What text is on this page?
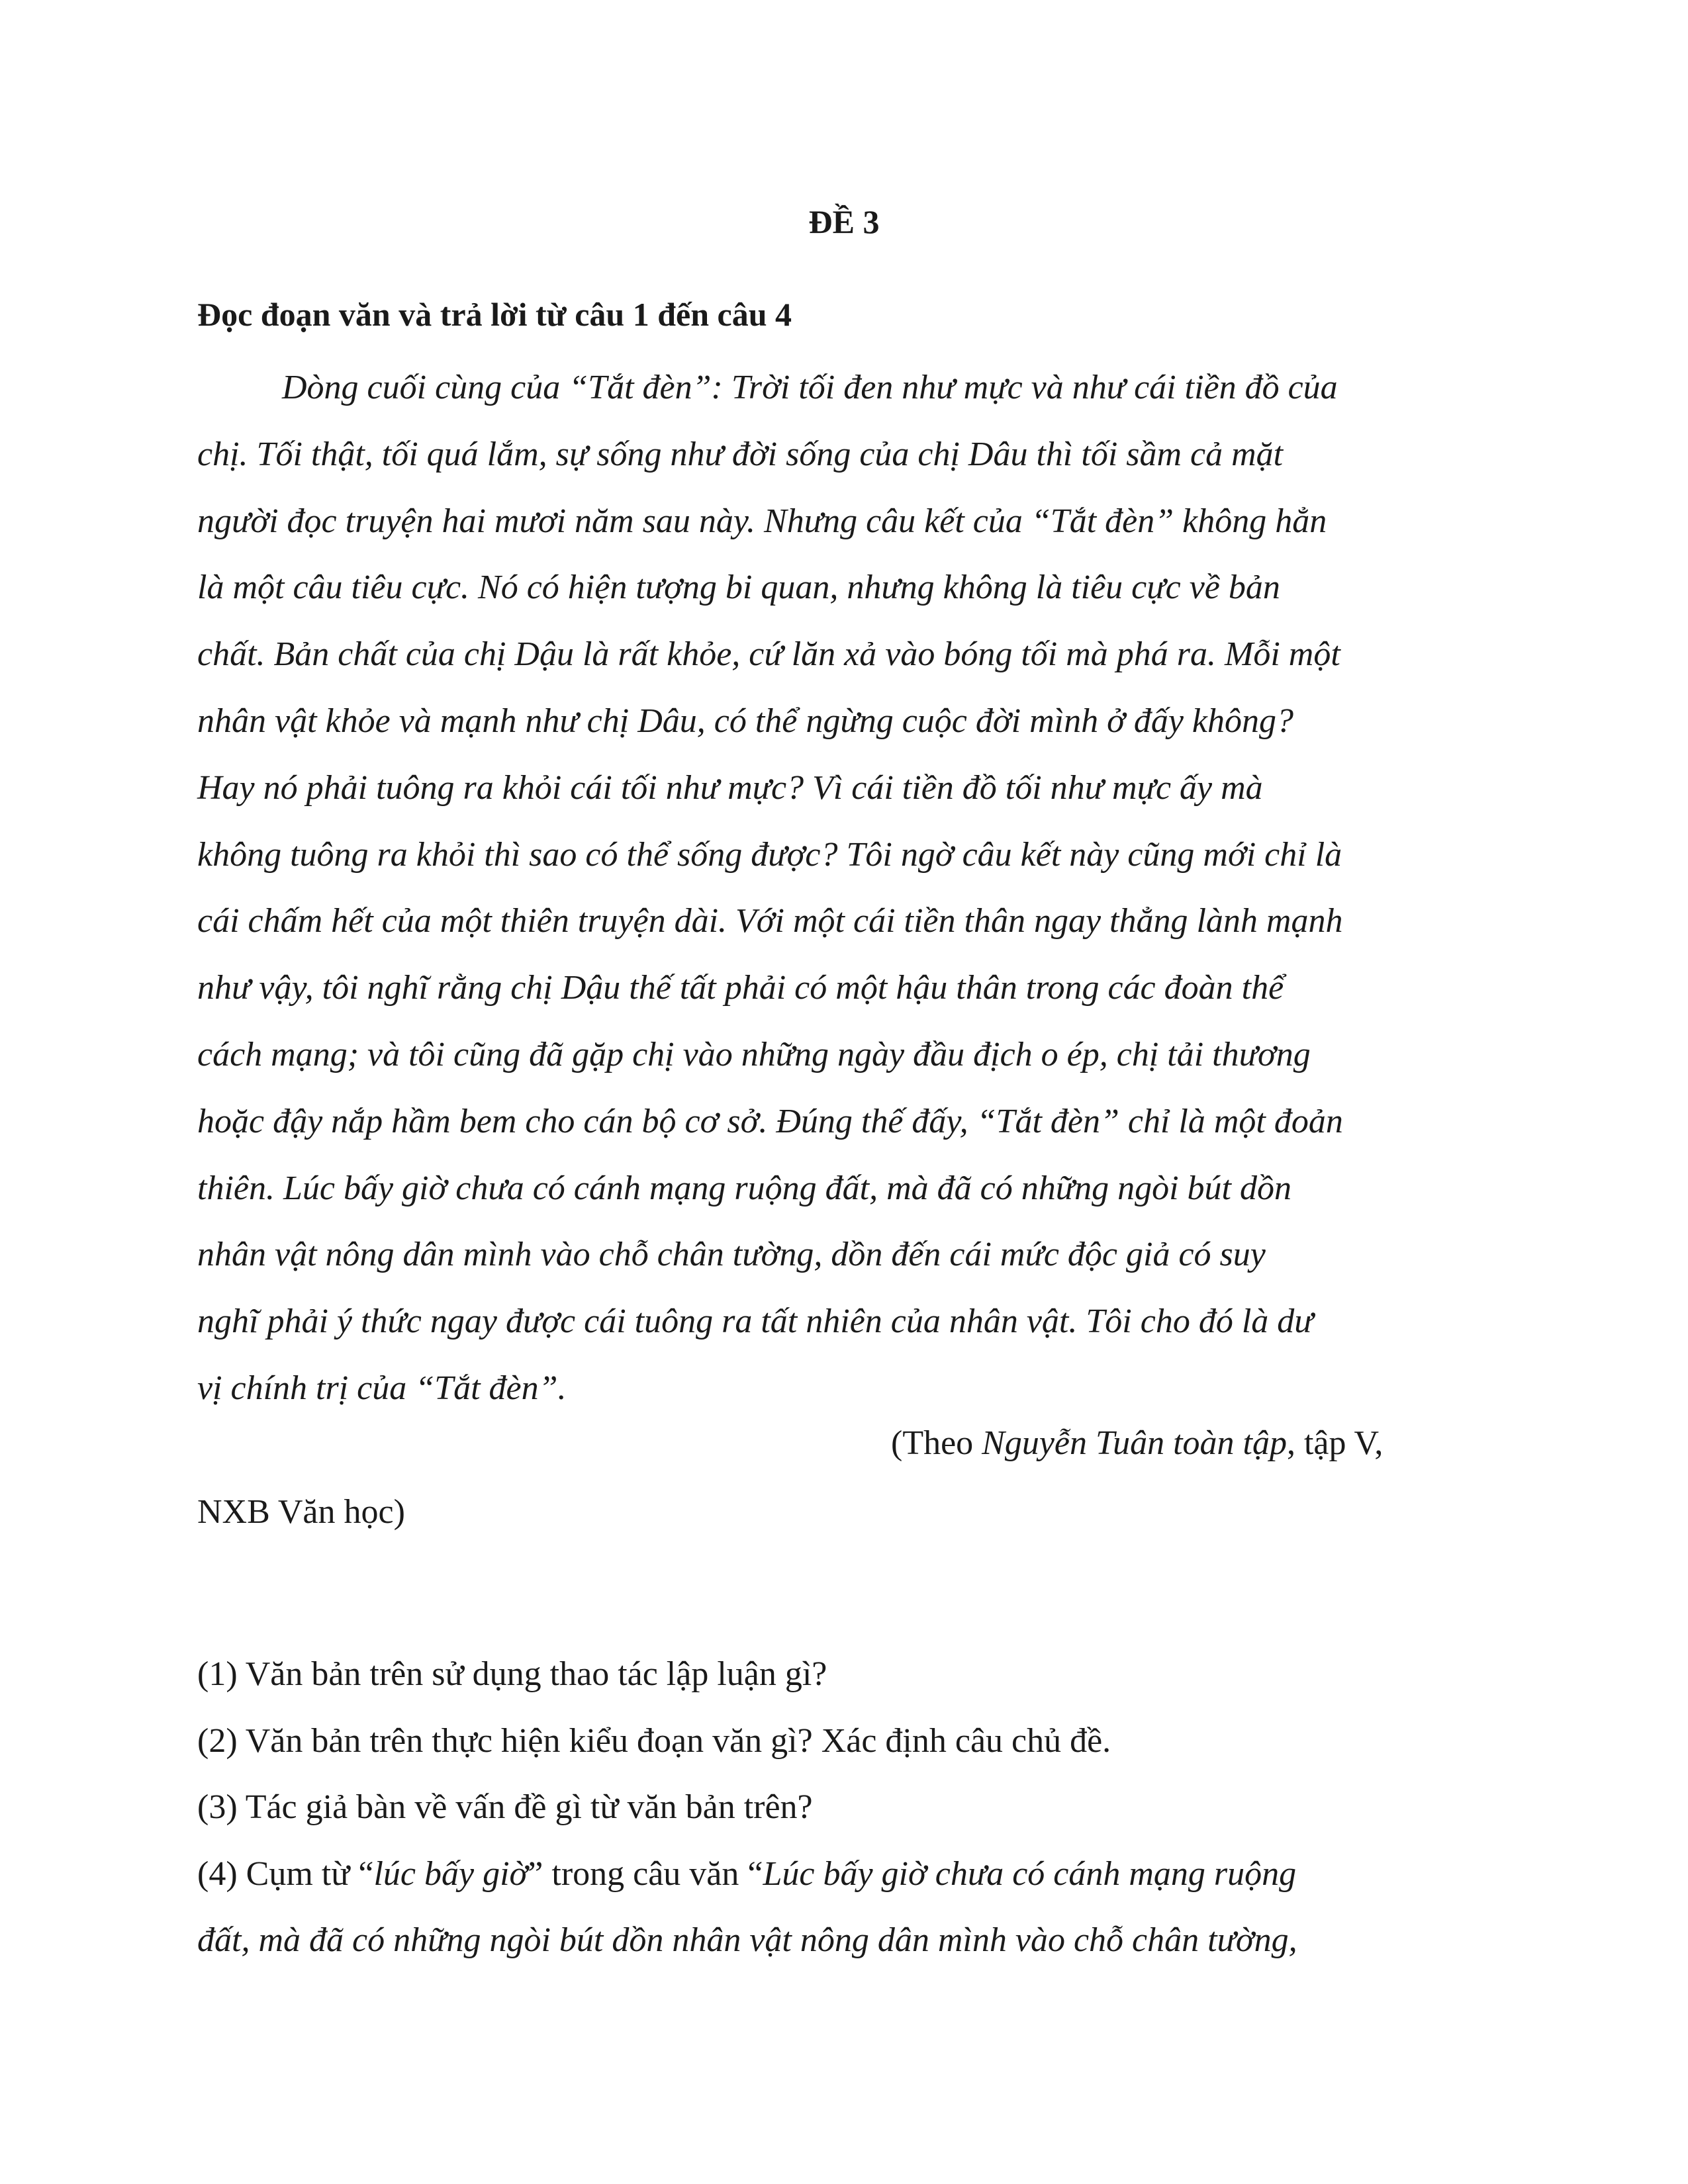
ĐỀ 3
Đọc đoạn văn và trả lời từ câu 1 đến câu 4
Dòng cuối cùng của “Tắt đèn”: Trời tối đen như mực và như cái tiền đồ của
chị. Tối thật, tối quá lắm, sự sống như đời sống của chị Dâu thì tối sầm cả mặt
người đọc truyện hai mươi năm sau này. Nhưng câu kết của “Tắt đèn” không hẳn
là một câu tiêu cực. Nó có hiện tượng bi quan, nhưng không là tiêu cực về bản
chất. Bản chất của chị Dậu là rất khỏe, cứ lăn xả vào bóng tối mà phá ra. Mỗi một
nhân vật khỏe và mạnh như chị Dâu, có thể ngừng cuộc đời mình ở đấy không?
Hay nó phải tuông ra khỏi cái tối như mực? Vì cái tiền đồ tối như mực ấy mà
không tuông ra khỏi thì sao có thể sống được? Tôi ngờ câu kết này cũng mới chỉ là
cái chấm hết của một thiên truyện dài. Với một cái tiền thân ngay thẳng lành mạnh
như vậy, tôi nghĩ rằng chị Dậu thế tất phải có một hậu thân trong các đoàn thể
cách mạng; và tôi cũng đã gặp chị vào những ngày đầu địch o ép, chị tải thương
hoặc đậy nắp hầm bem cho cán bộ cơ sở. Đúng thế đấy, “Tắt đèn” chỉ là một đoản
thiên. Lúc bấy giờ chưa có cánh mạng ruộng đất, mà đã có những ngòi bút dồn
nhân vật nông dân mình vào chỗ chân tường, dồn đến cái mức độc giả có suy
nghĩ phải ý thức ngay được cái tuông ra tất nhiên của nhân vật. Tôi cho đó là dư
vị chính trị của “Tắt đèn”.
(Theo Nguyễn Tuân toàn tập, tập V,
NXB Văn học)
(1) Văn bản trên sử dụng thao tác lập luận gì?
(2) Văn bản trên thực hiện kiểu đoạn văn gì? Xác định câu chủ đề.
(3) Tác giả bàn về vấn đề gì từ văn bản trên?
(4) Cụm từ “lúc bấy giờ” trong câu văn “Lúc bấy giờ chưa có cánh mạng ruộng
đất, mà đã có những ngòi bút dồn nhân vật nông dân mình vào chỗ chân tường,
